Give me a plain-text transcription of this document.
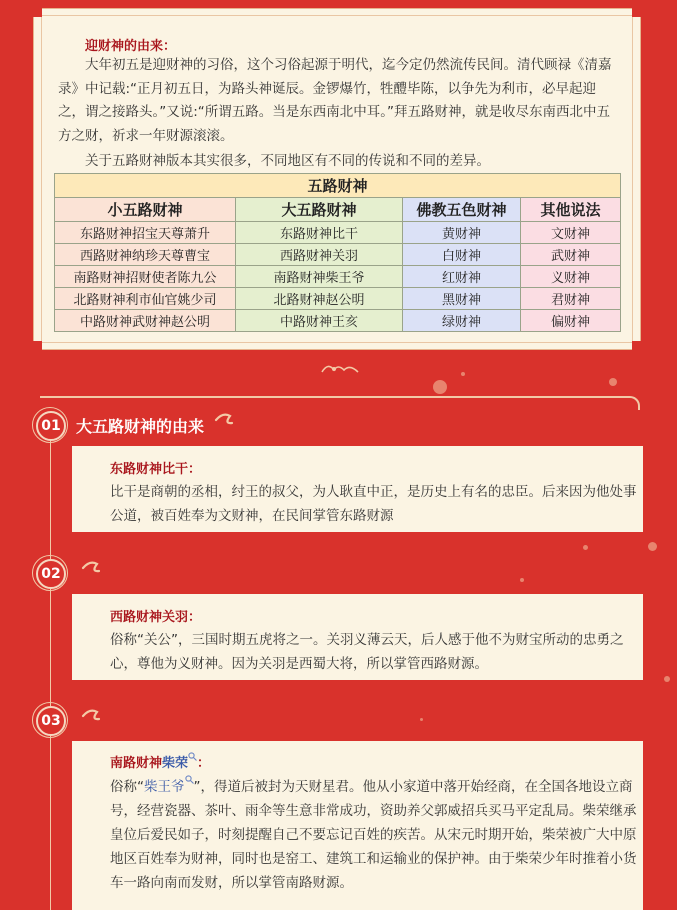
迎财神的由来：

大年初五是迎财神的习俗，这个习俗起源于明代，迄今定仍然流传民间。清代顾禄《清嘉录》中记载:“正月初五日，为路头神诞辰。金锣爆竹，牲醴毕陈，以争先为利市，必早起迎之，谓之接路头。”又说:“所谓五路。当是东西南北中耳。”拜五路财神，就是收尽东南西北中五方之财，祈求一年财源滚滚。

关于五路财神版本其实很多，不同地区有不同的传说和不同的差异。

五路财神			
小五路财神	大五路财神	佛教五色财神	其他说法
东路财神招宝天尊萧升	东路财神比干	黄财神	文财神
西路财神纳珍天尊曹宝	西路财神关羽	白财神	武财神
南路财神招财使者陈九公	南路财神柴王爷	红财神	义财神
北路财神利市仙官姚少司	北路财神赵公明	黑财神	君财神
中路财神武财神赵公明	中路财神王亥	绿财神	偏财神
01 大五路财神的由来
东路财神比干：

比干是商朝的丞相，纣王的叔父，为人耿直中正，是历史上有名的忠臣。后来因为他处事公道，被百姓奉为文财神，在民间掌管东路财源

02
西路财神关羽：

俗称“关公”，三国时期五虎将之一。关羽义薄云天，后人感于他不为财宝所动的忠勇之心，尊他为义财神。因为关羽是西蜀大将，所以掌管西路财源。

03
南路财神柴荣 ：

俗称“柴王爷 ”，得道后被封为天财星君。他从小家道中落开始经商，在全国各地设立商号，经营瓷器、茶叶、雨伞等生意非常成功，资助养父郭威招兵买马平定乱局。柴荣继承皇位后爱民如子，时刻提醒自己不要忘记百姓的疾苦。从宋元时期开始，柴荣被广大中原地区百姓奉为财神，同时也是窑工、建筑工和运输业的保护神。由于柴荣少年时推着小货车一路向南而发财，所以掌管南路财源。
